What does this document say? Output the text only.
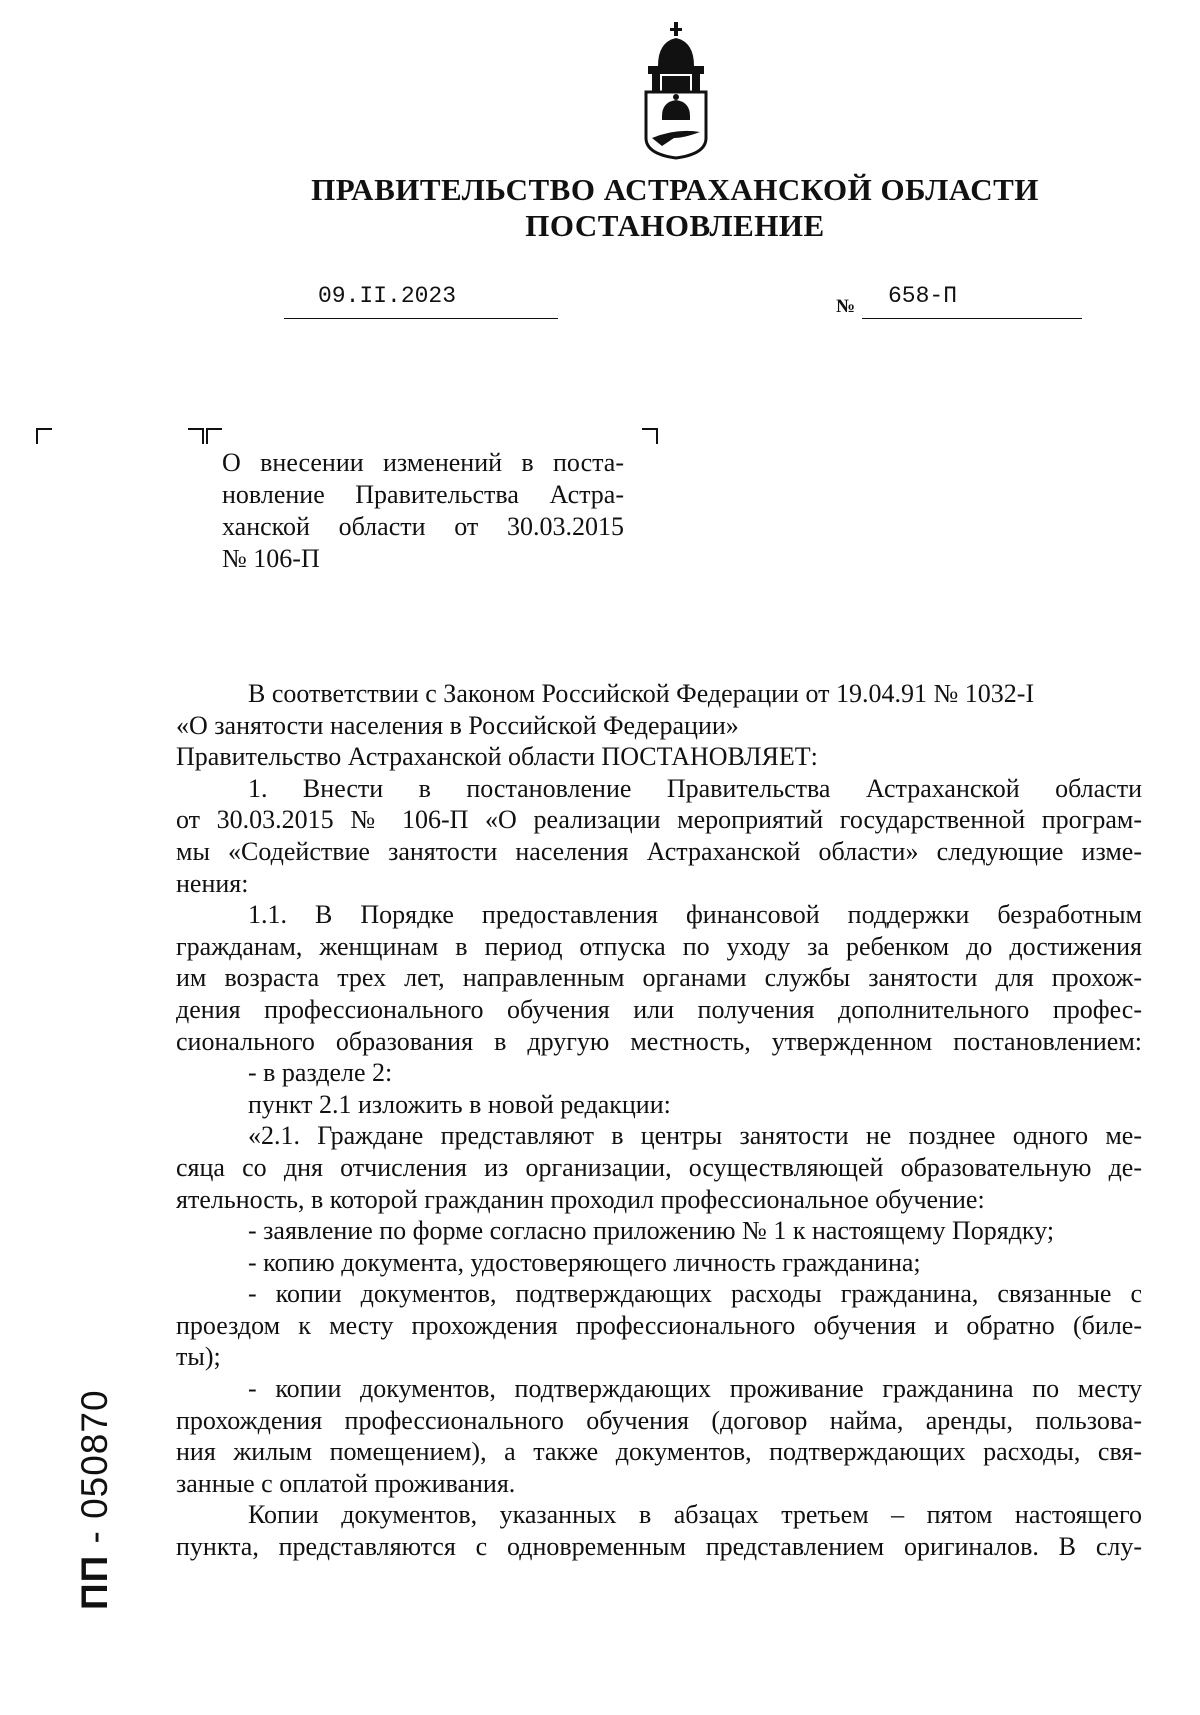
ПРАВИТЕЛЬСТВО АСТРАХАНСКОЙ ОБЛАСТИ
ПОСТАНОВЛЕНИЕ
09.II.2023	№ 658-П
О внесении изменений в поста-
новление Правительства Астра-
ханской области от 30.03.2015
№ 106-П
В соответствии с Законом Российской Федерации от 19.04.91 № 1032-I
«О занятости населения в Российской Федерации»
Правительство Астраханской области ПОСТАНОВЛЯЕТ:
1. Внести в постановление Правительства Астраханской области
от 30.03.2015 № 106-П «О реализации мероприятий государственной програм-
мы «Содействие занятости населения Астраханской области» следующие изме-
нения:
1.1. В Порядке предоставления финансовой поддержки безработным
гражданам, женщинам в период отпуска по уходу за ребенком до достижения
им возраста трех лет, направленным органами службы занятости для прохож-
дения профессионального обучения или получения дополнительного профес-
сионального образования в другую местность, утвержденном постановлением:
- в разделе 2:
пункт 2.1 изложить в новой редакции:
«2.1. Граждане представляют в центры занятости не позднее одного ме-
сяца со дня отчисления из организации, осуществляющей образовательную де-
ятельность, в которой гражданин проходил профессиональное обучение:
- заявление по форме согласно приложению № 1 к настоящему Порядку;
- копию документа, удостоверяющего личность гражданина;
- копии документов, подтверждающих расходы гражданина, связанные с
проездом к месту прохождения профессионального обучения и обратно (биле-
ты);
- копии документов, подтверждающих проживание гражданина по месту
прохождения профессионального обучения (договор найма, аренды, пользова-
ния жилым помещением), а также документов, подтверждающих расходы, свя-
занные с оплатой проживания.
Копии документов, указанных в абзацах третьем – пятом настоящего
пункта, представляются с одновременным представлением оригиналов. В слу-
ПП - 050870
